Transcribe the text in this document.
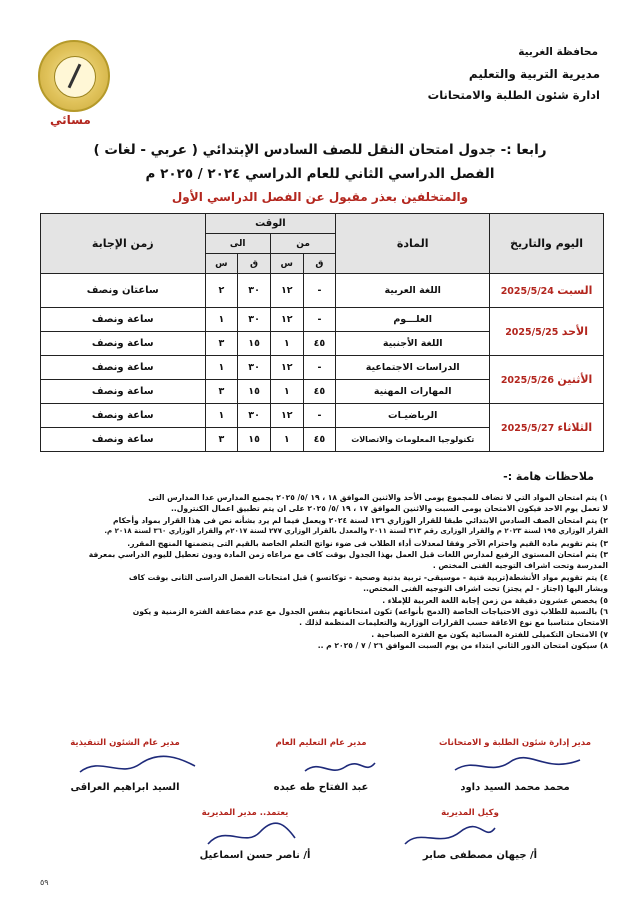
محافظة الغربية
مديرية التربية والتعليم
ادارة شئون الطلبة والامتحانات
مسائي
رابعا :- جدول امتحان النقل للصف السادس الإبتدائي ( عربي - لغات )
الفصل الدراسي الثاني للعام الدراسي ٢٠٢٤ / ٢٠٢٥ م
والمتخلفين بعذر مقبول عن الفصل الدراسي الأول
اليوم والتاريخ	المادة	الوقت				زمن الإجابة
		من		الى		
		ق	س	ق	س	
السبت 2025/5/24	اللغة العربية	-	١٢	٣٠	٢	ساعتان ونصف
الأحد 2025/5/25	العلـــوم	-	١٢	٣٠	١	ساعة ونصف
	اللغة الأجنبية	٤٥	١	١٥	٣	ساعة ونصف
الأثنين 2025/5/26	الدراسات الاجتماعية	-	١٢	٣٠	١	ساعة ونصف
	المهارات المهنية	٤٥	١	١٥	٣	ساعة ونصف
الثلاثاء 2025/5/27	الرياضيـات	-	١٢	٣٠	١	ساعة ونصف
	تكنولوجيا المعلومات والاتصالات	٤٥	١	١٥	٣	ساعة ونصف
ملاحظات هامة :-
١) يتم امتحان المواد التي لا تضاف للمجموع يومى الأحد والاثنين الموافق ١٨ ، ١٩ /٥/ ٢٠٢٥ بجميع المدارس عدا المدارس التى
لا تعمل يوم الاحد فيكون الامتحان يومى السبت والاثنين الموافق ١٧ ، ١٩ /٥/ ٢٠٢٥ على ان يتم تطبيق اعمال الكنترول..
٢) يتم امتحان الصف السادس الابتدائي طبقا للقرار الوزاري ١٣٦ لسنة ٢٠٢٤ ويعمل فيما لم يرد بشأنه نص فى هذا القرار بمواد وأحكام
القرار الوزاري ١٩٥ لسنة ٢٠٢٣ م والقرار الوزارى رقم ٣١٣ لسنة ٢٠١١ والمعدل بالقرار الوزاري ٢٧٧ لسنة ٢٠١٧م والقرار الوزاري ٣٦٠ لسنة ٢٠١٨ م.
٣) يتم تقويم مادة القيم واحترام الآخر وفقا لمعدلات أداء الطلاب فى ضوء نواتج التعلم الخاصة بالقيم التى يتضمنها المنهج المقرر.
٣) يتم امتحان المستوى الرفيع لمدارس اللغات قبل العمل بهذا الجدول بوقت كاف مع مراعاه زمن المادة ودون تعطيل لليوم الدراسي بمعرفة
المدرسة وتحت اشراف التوجيه الفنى المختص .
٤) يتم تقويم مواد الأنشطة(تربية فنية - موسيقى- تربية بدنية وصحية - توكاتسو ) قبل امتحانات الفصل الدراسى الثانى بوقت كاف
ويشار اليها (اجتاز - لم يجتز) تحت اشراف التوجيه الفنى المختص..
٥) يخصص عشرون دقيقة من زمن إجابة اللغة العربية للإملاء .
٦) بالنسبة للطلاب ذوى الاحتياجات الخاصة (الدمج بأنواعه) تكون امتحاناتهم بنفس الجدول مع عدم مضاعفة الفترة الزمنية و يكون
الامتحان متناسبا مع نوع الاعاقة حسب القرارات الوزارية والتعليمات المنظمة لذلك .
٧) الامتحان التكميلى للفترة المسائية يكون مع الفترة الصباحية .
٨) سيكون امتحان الدور الثاني ابتداء من يوم السبت الموافق ٢٦ / ٧ / ٢٠٢٥ م ..
مدير إدارة شئون الطلبة و الامتحانات
مدير عام التعليم العام
مدير عام الشئون التنفيذية
محمد محمد السيد داود
عبد الفتاح طه عبده
السيد ابراهيم العراقى
وكيل المديرية
يعتمد.. مدير المديرية
أ/ جيهان مصطفى صابر
أ/ ناصر حسن اسماعيل
٥٩
